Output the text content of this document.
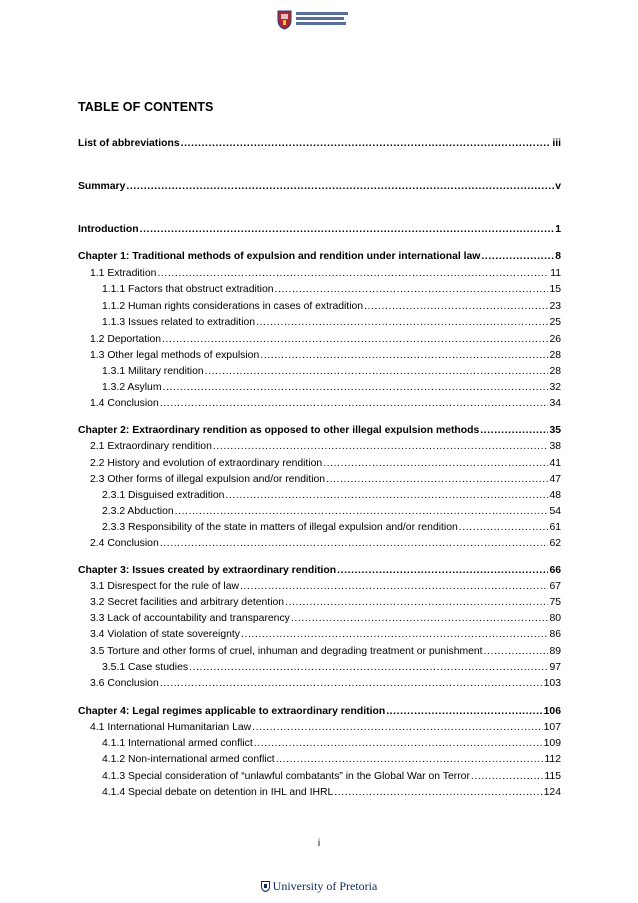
TABLE OF CONTENTS
List of abbreviations .....	iii
Summary .....	v
Introduction .....	1
Chapter 1: Traditional methods of expulsion and rendition under international law .....	8
1.1 Extradition .....	11
1.1.1 Factors that obstruct extradition .....	15
1.1.2 Human rights considerations in cases of extradition .....	23
1.1.3 Issues related to extradition .....	25
1.2 Deportation .....	26
1.3 Other legal methods of expulsion .....	28
1.3.1 Military rendition .....	28
1.3.2 Asylum .....	32
1.4 Conclusion .....	34
Chapter 2: Extraordinary rendition as opposed to other illegal expulsion methods .....	35
2.1 Extraordinary rendition .....	38
2.2 History and evolution of extraordinary rendition .....	41
2.3 Other forms of illegal expulsion and/or rendition .....	47
2.3.1 Disguised extradition .....	48
2.3.2 Abduction .....	54
2.3.3 Responsibility of the state in matters of illegal expulsion and/or rendition .....	61
2.4 Conclusion .....	62
Chapter 3: Issues created by extraordinary rendition .....	66
3.1 Disrespect for the rule of law .....	67
3.2 Secret facilities and arbitrary detention .....	75
3.3 Lack of accountability and transparency .....	80
3.4 Violation of state sovereignty .....	86
3.5 Torture and other forms of cruel, inhuman and degrading treatment or punishment .....	89
3.5.1 Case studies .....	97
3.6 Conclusion .....	103
Chapter 4: Legal regimes applicable to extraordinary rendition .....	106
4.1 International Humanitarian Law .....	107
4.1.1 International armed conflict .....	109
4.1.2 Non-international armed conflict .....	112
4.1.3 Special consideration of “unlawful combatants” in the Global War on Terror .....	115
4.1.4 Special debate on detention in IHL and IHRL .....	124
i
University of Pretoria
